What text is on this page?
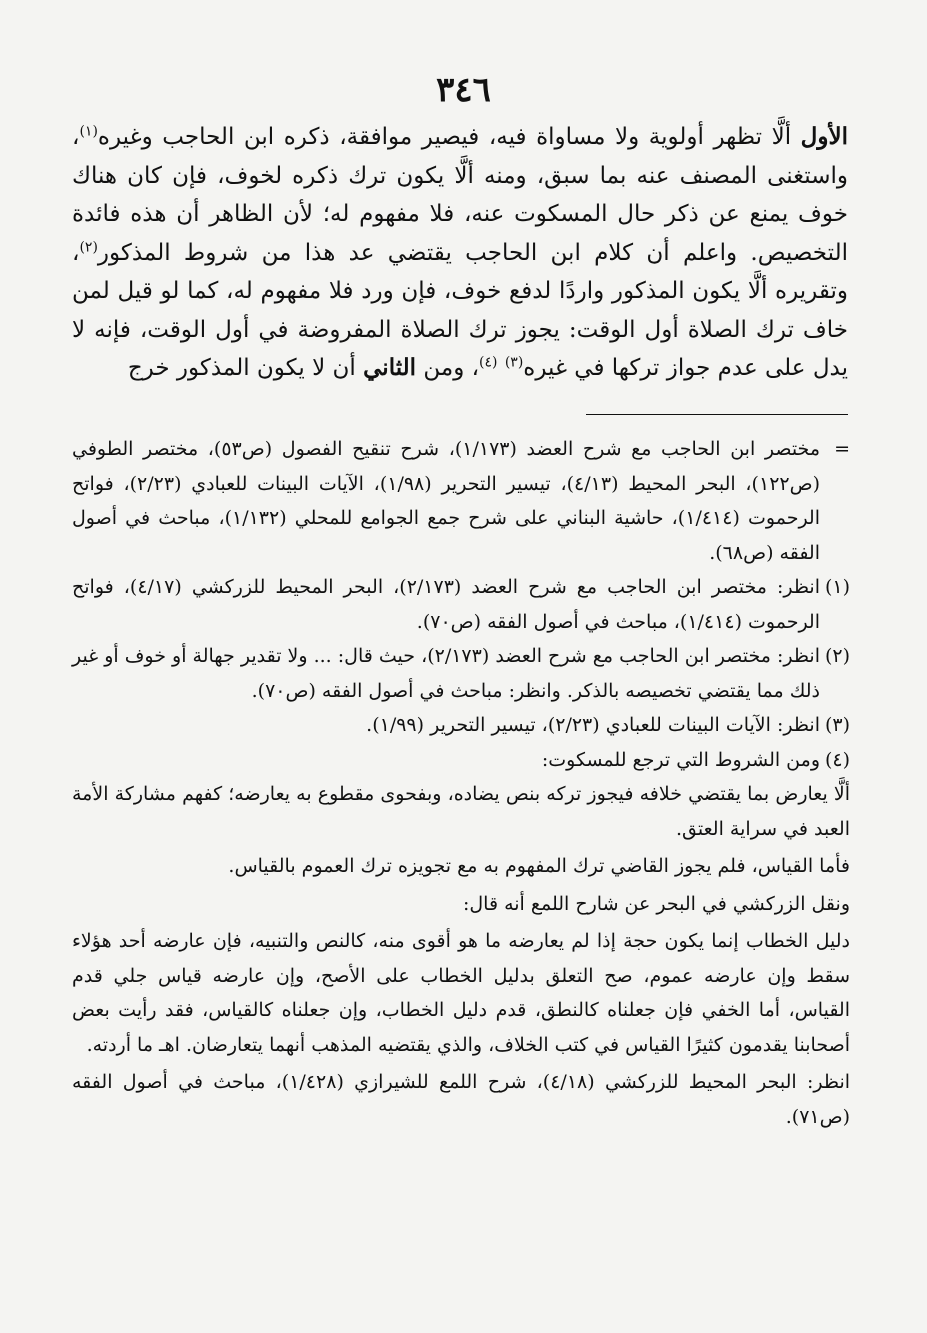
٣٤٦

الأول ألَّا تظهر أولوية ولا مساواة فيه، فيصير موافقة، ذكره ابن الحاجب وغيره$^{(١)}$، واستغنى المصنف عنه بما سبق، ومنه ألَّا يكون ترك ذكره لخوف، فإن كان هناك خوف يمنع عن ذكر حال المسكوت عنه، فلا مفهوم له؛ لأن الظاهر أن هذه فائدة التخصيص. واعلم أن كلام ابن الحاجب يقتضي عد هذا من شروط المذكور$^{(٢)}$، وتقريره ألَّا يكون المذكور واردًا لدفع خوف، فإن ورد فلا مفهوم له، كما لو قيل لمن خاف ترك الصلاة أول الوقت: يجوز ترك الصلاة المفروضة في أول الوقت، فإنه لا يدل على عدم جواز تركها في غيره$^{(٣)}$ $^{(٤)}$، ومن الثاني أن لا يكون المذكور خرج

=
مختصر ابن الحاجب مع شرح العضد (١/١٧٣)، شرح تنقيح الفصول (ص٥٣)، مختصر الطوفي (ص١٢٢)، البحر المحيط (٤/١٣)، تيسير التحرير (١/٩٨)، الآيات البينات للعبادي (٢/٢٣)، فواتح الرحموت (١/٤١٤)، حاشية البناني على شرح جمع الجوامع للمحلي (١/١٣٢)، مباحث في أصول الفقه (ص٦٨).
(١)
انظر: مختصر ابن الحاجب مع شرح العضد (٢/١٧٣)، البحر المحيط للزركشي (٤/١٧)، فواتح الرحموت (١/٤١٤)، مباحث في أصول الفقه (ص٧٠).
(٢)
انظر: مختصر ابن الحاجب مع شرح العضد (٢/١٧٣)، حيث قال: ... ولا تقدير جهالة أو خوف أو غير ذلك مما يقتضي تخصيصه بالذكر. وانظر: مباحث في أصول الفقه (ص٧٠).
(٣)
انظر: الآيات البينات للعبادي (٢/٢٣)، تيسير التحرير (١/٩٩).
(٤)
ومن الشروط التي ترجع للمسكوت:

ألَّا يعارض بما يقتضي خلافه فيجوز تركه بنص يضاده، وبفحوى مقطوع به يعارضه؛ كفهم مشاركة الأمة العبد في سراية العتق.

فأما القياس، فلم يجوز القاضي ترك المفهوم به مع تجويزه ترك العموم بالقياس.

ونقل الزركشي في البحر عن شارح اللمع أنه قال:

دليل الخطاب إنما يكون حجة إذا لم يعارضه ما هو أقوى منه، كالنص والتنبيه، فإن عارضه أحد هؤلاء سقط وإن عارضه عموم، صح التعلق بدليل الخطاب على الأصح، وإن عارضه قياس جلي قدم القياس، أما الخفي فإن جعلناه كالنطق، قدم دليل الخطاب، وإن جعلناه كالقياس، فقد رأيت بعض أصحابنا يقدمون كثيرًا القياس في كتب الخلاف، والذي يقتضيه المذهب أنهما يتعارضان. اهـ ما أردته.

انظر: البحر المحيط للزركشي (٤/١٨)، شرح اللمع للشيرازي (١/٤٢٨)، مباحث في أصول الفقه (ص٧١).
